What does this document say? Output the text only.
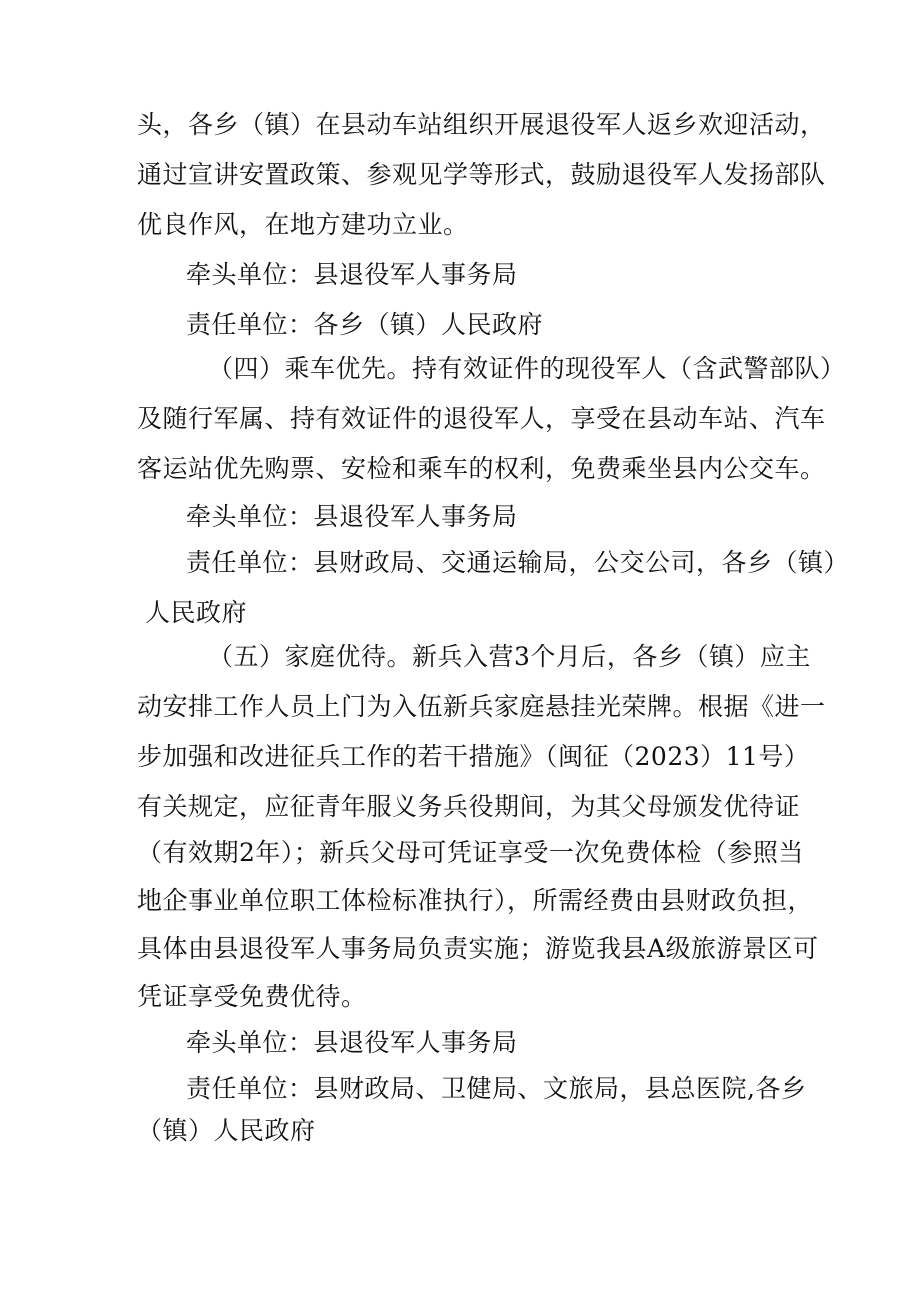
头，各乡（镇）在县动车站组织开展退役军人返乡欢迎活动，
通过宣讲安置政策、参观见学等形式，鼓励退役军人发扬部队
优良作风，在地方建功立业。
牵头单位：县退役军人事务局
责任单位：各乡（镇）人民政府
（四）乘车优先。持有效证件的现役军人（含武警部队）
及随行军属、持有效证件的退役军人，享受在县动车站、汽车
客运站优先购票、安检和乘车的权利，免费乘坐县内公交车。
牵头单位：县退役军人事务局
责任单位：县财政局、交通运输局，公交公司，各乡（镇）
人民政府
（五）家庭优待。新兵入营3个月后，各乡（镇）应主
动安排工作人员上门为入伍新兵家庭悬挂光荣牌。根据《进一
步加强和改进征兵工作的若干措施》（闽征（2023）11号）
有关规定，应征青年服义务兵役期间，为其父母颁发优待证
（有效期2年）；新兵父母可凭证享受一次免费体检（参照当
地企事业单位职工体检标准执行），所需经费由县财政负担，
具体由县退役军人事务局负责实施；游览我县A级旅游景区可
凭证享受免费优待。
牵头单位：县退役军人事务局
责任单位：县财政局、卫健局、文旅局，县总医院,各乡
（镇）人民政府
